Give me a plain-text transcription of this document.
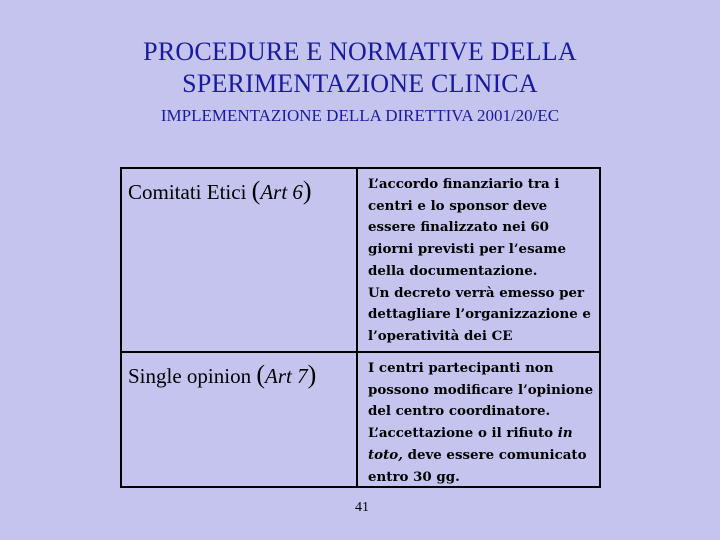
PROCEDURE E NORMATIVE DELLA
SPERIMENTAZIONE CLINICA
IMPLEMENTAZIONE DELLA DIRETTIVA 2001/20/EC
Comitati Etici (Art 6)	L’accordo finanziario tra i centri e lo sponsor deve essere finalizzato nei 60 giorni previsti per l’esame della documentazione.

Un decreto verrà emesso per dettagliare l’organizzazione e l’operatività dei CE

Single opinion (Art 7)	I centri partecipanti non possono modificare l’opinione del centro coordinatore. L’accettazione o il rifiuto in toto, deve essere comunicato entro 30 gg.

41
